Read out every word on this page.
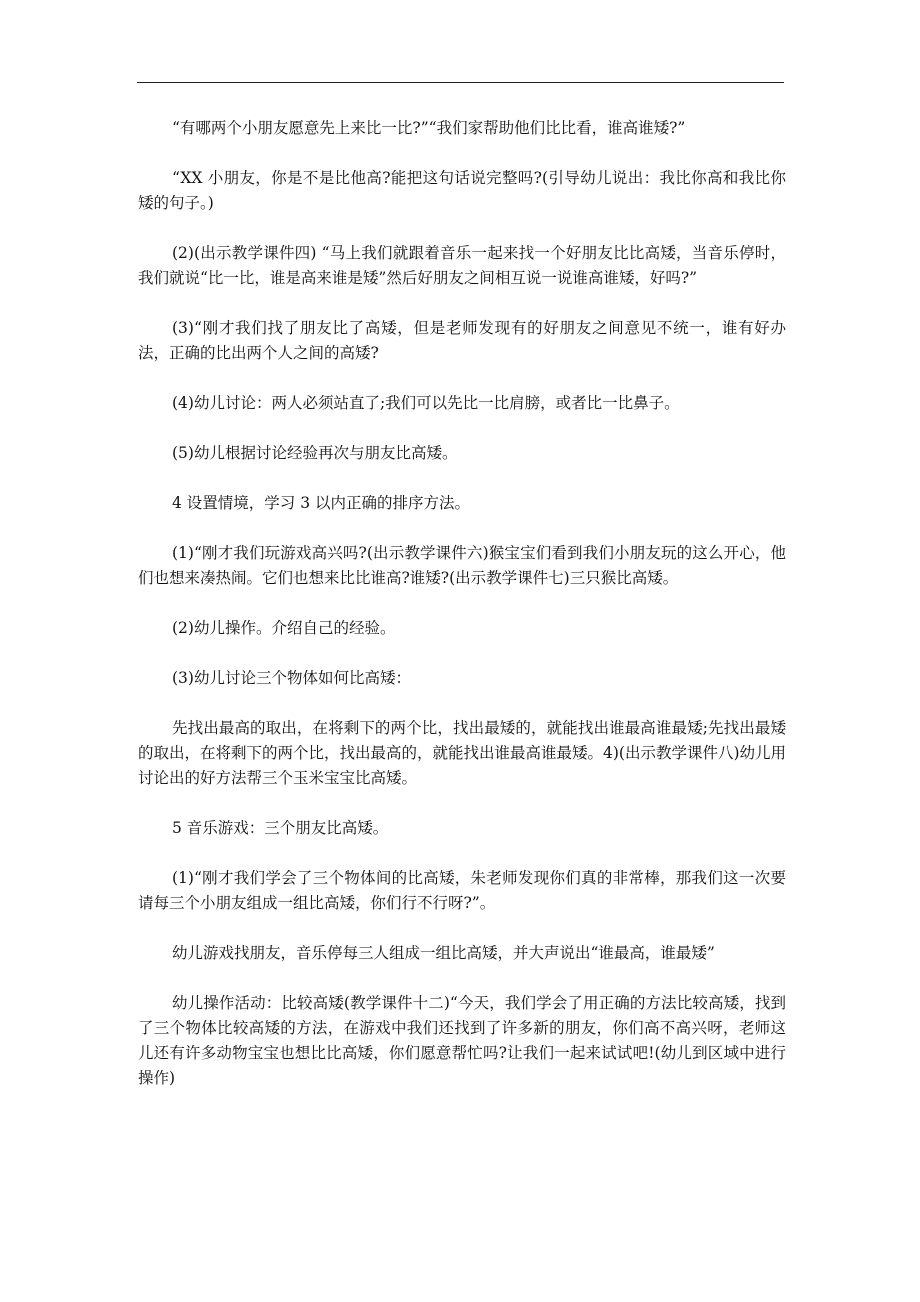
“有哪两个小朋友愿意先上来比一比?”“我们家帮助他们比比看，谁高谁矮?”

“XX 小朋友，你是不是比他高?能把这句话说完整吗?(引导幼儿说出：我比你高和我比你矮的句子。)

(2)(出示教学课件四) “马上我们就跟着音乐一起来找一个好朋友比比高矮，当音乐停时，我们就说“比一比，谁是高来谁是矮”然后好朋友之间相互说一说谁高谁矮，好吗?”

(3)“刚才我们找了朋友比了高矮，但是老师发现有的好朋友之间意见不统一，谁有好办法，正确的比出两个人之间的高矮?

(4)幼儿讨论：两人必须站直了;我们可以先比一比肩膀，或者比一比鼻子。

(5)幼儿根据讨论经验再次与朋友比高矮。

4 设置情境，学习 3 以内正确的排序方法。

(1)“刚才我们玩游戏高兴吗?(出示教学课件六)猴宝宝们看到我们小朋友玩的这么开心，他们也想来凑热闹。它们也想来比比谁高?谁矮?(出示教学课件七)三只猴比高矮。

(2)幼儿操作。介绍自己的经验。

(3)幼儿讨论三个物体如何比高矮：

先找出最高的取出，在将剩下的两个比，找出最矮的，就能找出谁最高谁最矮;先找出最矮的取出，在将剩下的两个比，找出最高的，就能找出谁最高谁最矮。4)(出示教学课件八)幼儿用讨论出的好方法帮三个玉米宝宝比高矮。

5 音乐游戏：三个朋友比高矮。

(1)“刚才我们学会了三个物体间的比高矮，朱老师发现你们真的非常棒，那我们这一次要请每三个小朋友组成一组比高矮，你们行不行呀?”。

幼儿游戏找朋友，音乐停每三人组成一组比高矮，并大声说出“谁最高，谁最矮”

幼儿操作活动：比较高矮(教学课件十二)“今天，我们学会了用正确的方法比较高矮，找到了三个物体比较高矮的方法，在游戏中我们还找到了许多新的朋友，你们高不高兴呀，老师这儿还有许多动物宝宝也想比比高矮，你们愿意帮忙吗?让我们一起来试试吧!(幼儿到区域中进行操作)
